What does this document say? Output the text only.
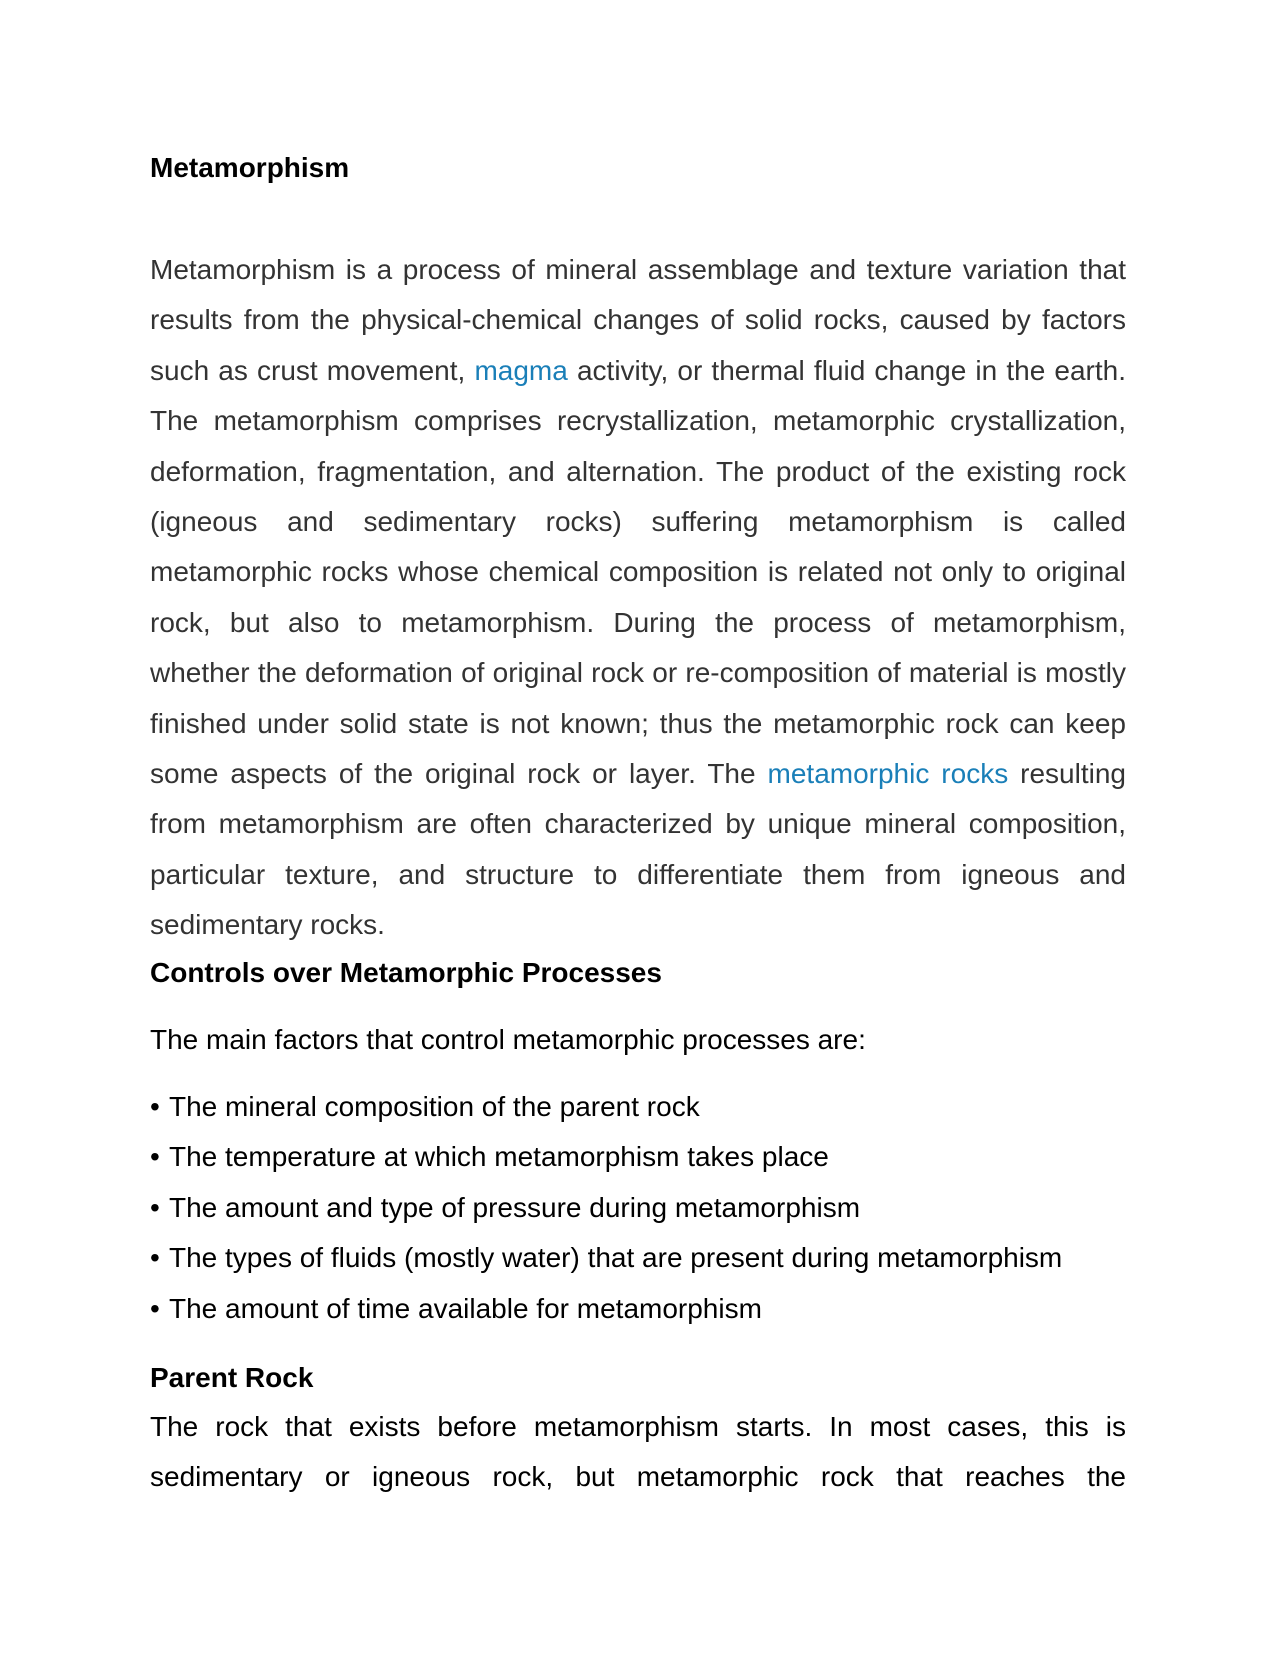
Metamorphism

Metamorphism is a process of mineral assemblage and texture variation that results from the physical-chemical changes of solid rocks, caused by factors such as crust movement, magma activity, or thermal fluid change in the earth. The metamorphism comprises recrystallization, metamorphic crystallization, deformation, fragmentation, and alternation. The product of the existing rock (igneous and sedimentary rocks) suffering metamorphism is called metamorphic rocks whose chemical composition is related not only to original rock, but also to metamorphism. During the process of metamorphism, whether the deformation of original rock or re-composition of material is mostly finished under solid state is not known; thus the metamorphic rock can keep some aspects of the original rock or layer. The metamorphic rocks resulting from metamorphism are often characterized by unique mineral composition, particular texture, and structure to differentiate them from igneous and sedimentary rocks.

Controls over Metamorphic Processes

The main factors that control metamorphic processes are:

• The mineral composition of the parent rock
• The temperature at which metamorphism takes place
• The amount and type of pressure during metamorphism
• The types of fluids (mostly water) that are present during metamorphism
• The amount of time available for metamorphism
Parent Rock

The rock that exists before metamorphism starts. In most cases, this is sedimentary or igneous rock, but metamorphic rock that reaches the
